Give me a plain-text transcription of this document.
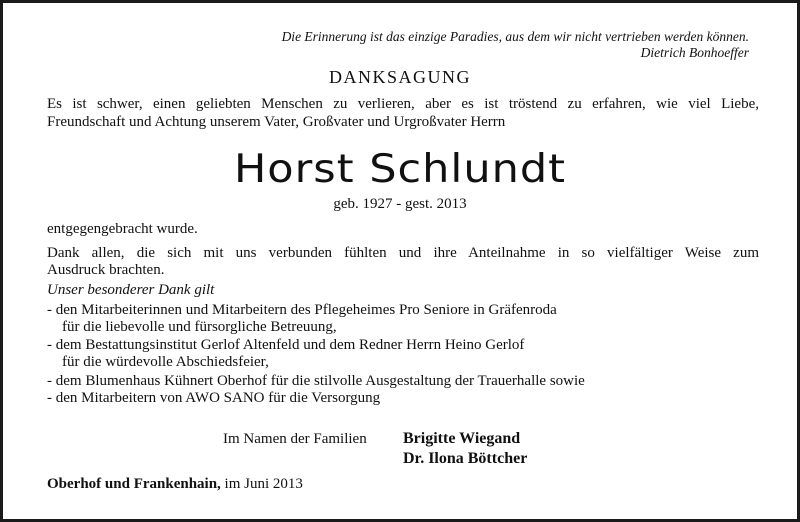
Die Erinnerung ist das einzige Paradies, aus dem wir nicht vertrieben werden können.
Dietrich Bonhoeffer
DANKSAGUNG
Es ist schwer, einen geliebten Menschen zu verlieren, aber es ist tröstend zu erfahren, wie viel Liebe,
Freundschaft und Achtung unserem Vater, Großvater und Urgroßvater Herrn
Horst Schlundt
geb. 1927 - gest. 2013
entgegengebracht wurde.
Dank allen, die sich mit uns verbunden fühlten und ihre Anteilnahme in so vielfältiger Weise zum
Ausdruck brachten.
Unser besonderer Dank gilt
- den Mitarbeiterinnen und Mitarbeitern des Pflegeheimes Pro Seniore in Gräfenroda
für die liebevolle und fürsorgliche Betreuung,
- dem Bestattungsinstitut Gerlof Altenfeld und dem Redner Herrn Heino Gerlof
für die würdevolle Abschiedsfeier,
- dem Blumenhaus Kühnert Oberhof für die stilvolle Ausgestaltung der Trauerhalle sowie
- den Mitarbeitern von AWO SANO für die Versorgung
Im Namen der Familien Brigitte Wiegand
Dr. Ilona Böttcher
Oberhof und Frankenhain, im Juni 2013
